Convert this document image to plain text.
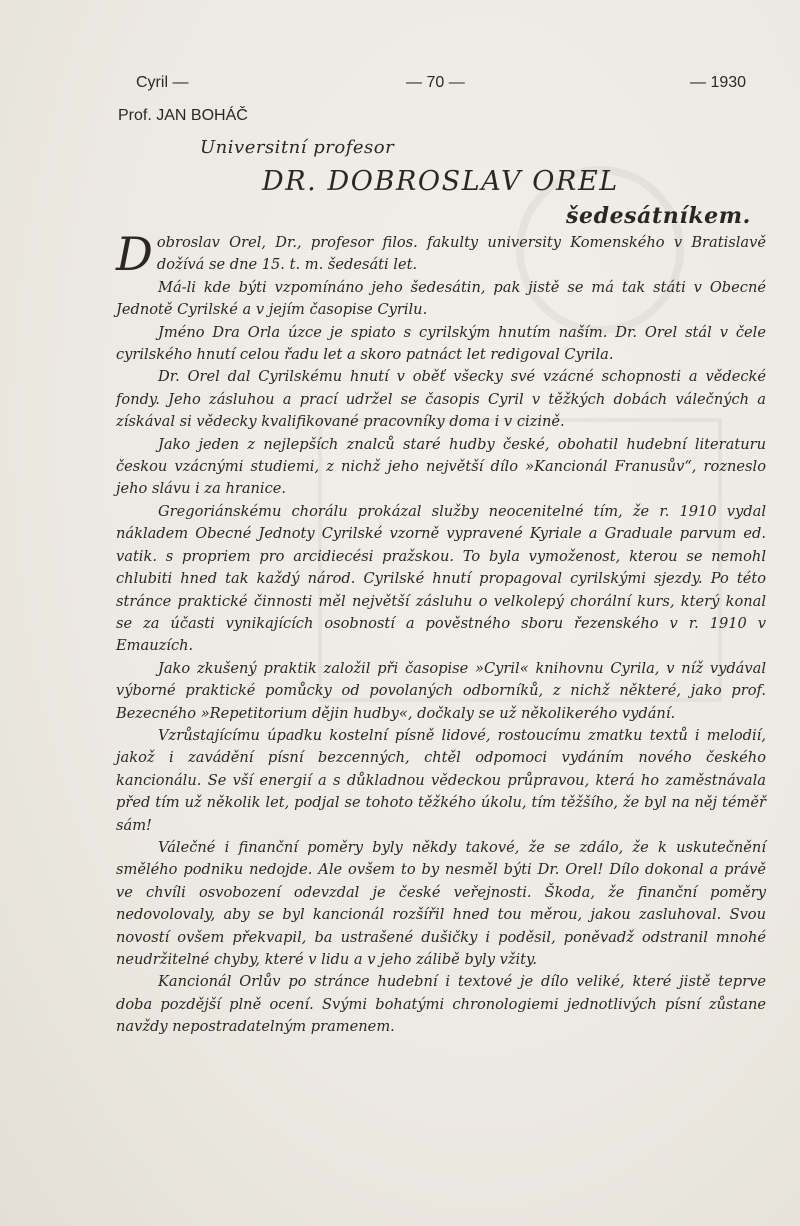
Cyril —	— 70 —	— 1930
Prof. JAN BOHÁČ
Universitní profesor
DR. DOBROSLAV OREL
šedesátníkem.

Dobroslav Orel, Dr., profesor filos. fakulty university Komenského v Bratislavě dožívá se dne 15. t. m. šedesáti let.

Má-li kde býti vzpomínáno jeho šedesátin, pak jistě se má tak státi v Obecné Jednotě Cyrilské a v jejím časopise Cyrilu.

Jméno Dra Orla úzce je spiato s cyrilským hnutím naším. Dr. Orel stál v čele cyrilského hnutí celou řadu let a skoro patnáct let redigoval Cyrila.

Dr. Orel dal Cyrilskému hnutí v oběť všecky své vzácné schopnosti a vědecké fondy. Jeho zásluhou a prací udržel se časopis Cyril v těžkých dobách válečných a získával si vědecky kvalifikované pracovníky doma i v cizině.

Jako jeden z nejlepších znalců staré hudby české, obohatil hudební literaturu českou vzácnými studiemi, z nichž jeho největší dílo »Kancionál Franusův“, rozneslo jeho slávu i za hranice.

Gregoriánskému chorálu prokázal služby neocenitelné tím, že r. 1910 vydal nákladem Obecné Jednoty Cyrilské vzorně vypravené Kyriale a Graduale parvum ed. vatik. s propriem pro arcidiecési pražskou. To byla vymoženost, kterou se nemohl chlubiti hned tak každý národ. Cyrilské hnutí propagoval cyrilskými sjezdy. Po této stránce praktické činnosti měl největší zásluhu o velkolepý chorální kurs, který konal se za účasti vynikajících osobností a pověstného sboru řezenského v r. 1910 v Emauzích.

Jako zkušený praktik založil při časopise »Cyril« knihovnu Cyrila, v níž vydával výborné praktické pomůcky od povolaných odborníků, z nichž některé, jako prof. Bezecného »Repetitorium dějin hudby«, dočkaly se už několikerého vydání.

Vzrůstajícímu úpadku kostelní písně lidové, rostoucímu zmatku textů i melodií, jakož i zavádění písní bezcenných, chtěl odpomoci vydáním nového českého kancionálu. Se vší energií a s důkladnou vědeckou průpravou, která ho zaměstnávala před tím už několik let, podjal se tohoto těžkého úkolu, tím těžšího, že byl na něj téměř sám!

Válečné i finanční poměry byly někdy takové, že se zdálo, že k uskutečnění smělého podniku nedojde. Ale ovšem to by nesměl býti Dr. Orel! Dílo dokonal a právě ve chvíli osvobození odevzdal je české veřejnosti. Škoda, že finanční poměry nedovolovaly, aby se byl kancionál rozšířil hned tou měrou, jakou zasluhoval. Svou novostí ovšem překvapil, ba ustrašené dušičky i poděsil, poněvadž odstranil mnohé neudržitelné chyby, které v lidu a v jeho zálibě byly vžity.

Kancionál Orlův po stránce hudební i textové je dílo veliké, které jistě teprve doba pozdější plně ocení. Svými bohatými chronologiemi jednotlivých písní zůstane navždy nepostradatelným pramenem.
